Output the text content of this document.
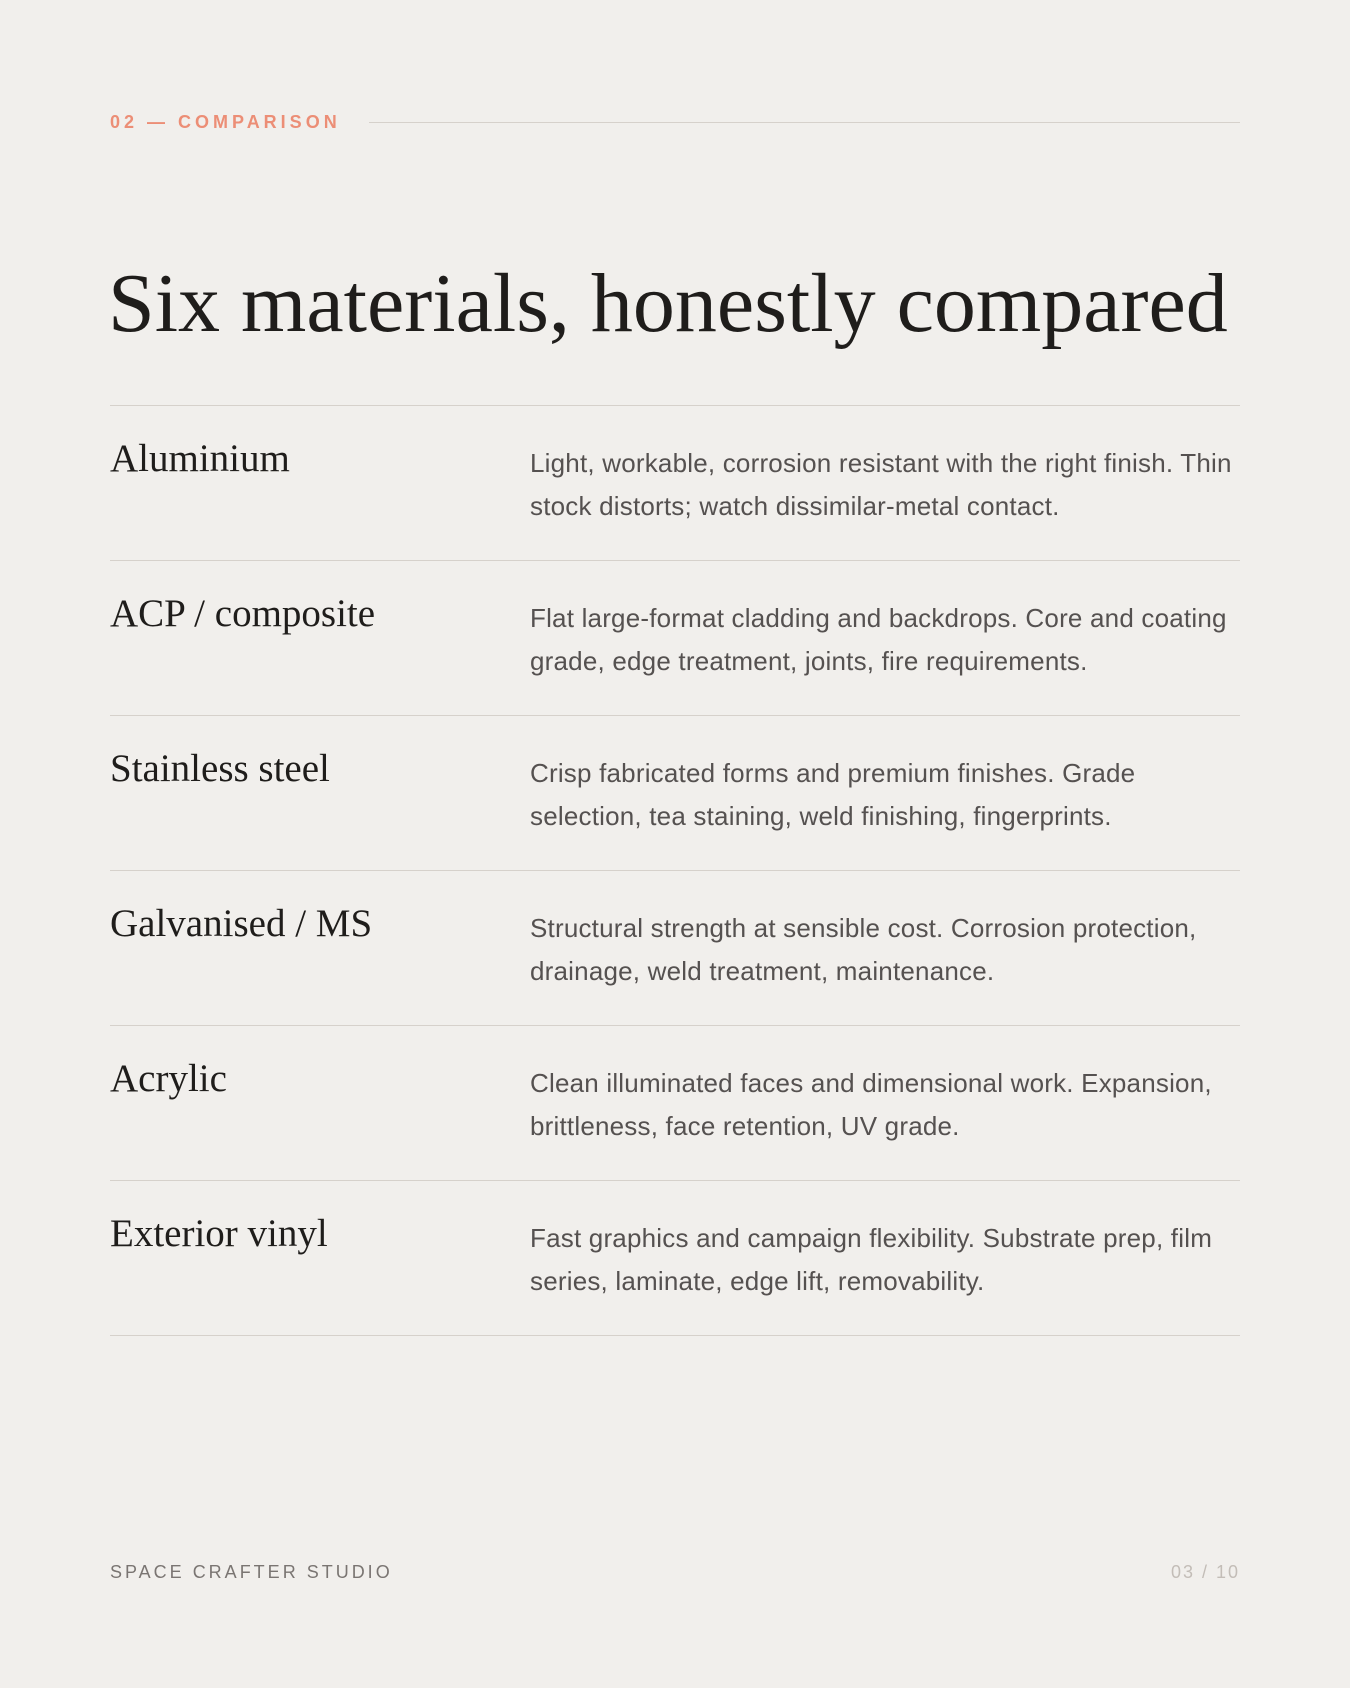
02 — COMPARISON
Six materials, honestly compared
Aluminium	Light, workable, corrosion resistant with the right finish. Thin stock distorts; watch dissimilar-metal contact.
ACP / composite	Flat large-format cladding and backdrops. Core and coating grade, edge treatment, joints, fire requirements.
Stainless steel	Crisp fabricated forms and premium finishes. Grade selection, tea staining, weld finishing, fingerprints.
Galvanised / MS	Structural strength at sensible cost. Corrosion protection, drainage, weld treatment, maintenance.
Acrylic	Clean illuminated faces and dimensional work. Expansion, brittleness, face retention, UV grade.
Exterior vinyl	Fast graphics and campaign flexibility. Substrate prep, film series, laminate, edge lift, removability.
SPACE CRAFTER STUDIO	03 / 10
